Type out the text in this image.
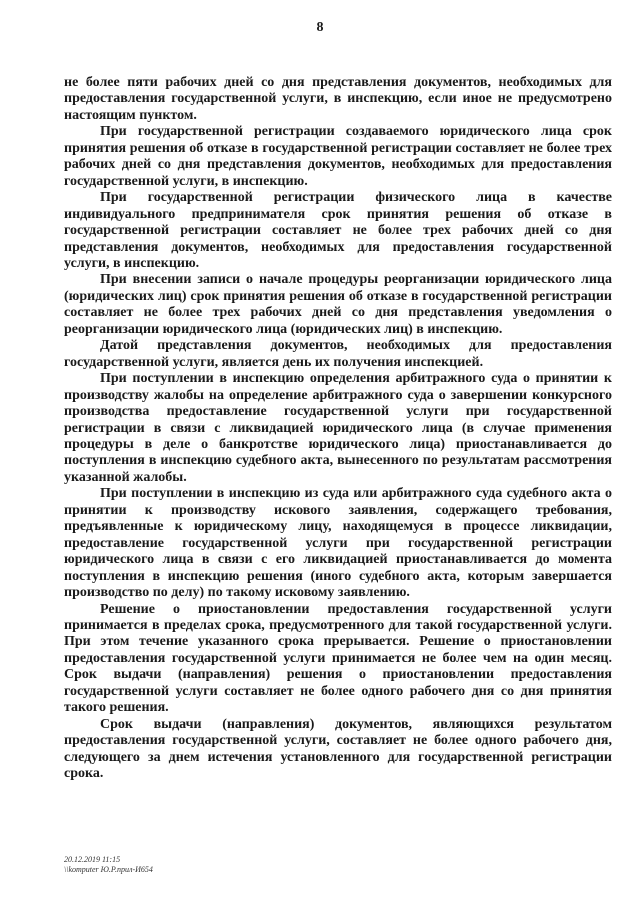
8

не более пяти рабочих дней со дня представления документов, необходимых для предоставления государственной услуги, в инспекцию, если иное не предусмотрено настоящим пунктом.

При государственной регистрации создаваемого юридического лица срок принятия решения об отказе в государственной регистрации составляет не более трех рабочих дней со дня представления документов, необходимых для предоставления государственной услуги, в инспекцию.

При государственной регистрации физического лица в качестве индивидуального предпринимателя срок принятия решения об отказе в государственной регистрации составляет не более трех рабочих дней со дня представления документов, необходимых для предоставления государственной услуги, в инспекцию.

При внесении записи о начале процедуры реорганизации юридического лица (юридических лиц) срок принятия решения об отказе в государственной регистрации составляет не более трех рабочих дней со дня представления уведомления о реорганизации юридического лица (юридических лиц) в инспекцию.

Датой представления документов, необходимых для предоставления государственной услуги, является день их получения инспекцией.

При поступлении в инспекцию определения арбитражного суда о принятии к производству жалобы на определение арбитражного суда о завершении конкурсного производства предоставление государственной услуги при государственной регистрации в связи с ликвидацией юридического лица (в случае применения процедуры в деле о банкротстве юридического лица) приостанавливается до поступления в инспекцию судебного акта, вынесенного по результатам рассмотрения указанной жалобы.

При поступлении в инспекцию из суда или арбитражного суда судебного акта о принятии к производству искового заявления, содержащего требования, предъявленные к юридическому лицу, находящемуся в процессе ликвидации, предоставление государственной услуги при государственной регистрации юридического лица в связи с его ликвидацией приостанавливается до момента поступления в инспекцию решения (иного судебного акта, которым завершается производство по делу) по такому исковому заявлению.

Решение о приостановлении предоставления государственной услуги принимается в пределах срока, предусмотренного для такой государственной услуги. При этом течение указанного срока прерывается. Решение о приостановлении предоставления государственной услуги принимается не более чем на один месяц. Срок выдачи (направления) решения о приостановлении предоставления государственной услуги составляет не более одного рабочего дня со дня принятия такого решения.

Срок выдачи (направления) документов, являющихся результатом предоставления государственной услуги, составляет не более одного рабочего дня, следующего за днем истечения установленного для государственной регистрации срока.

20.12.2019 11:15
\\komputer Ю.Р.прил-И654
